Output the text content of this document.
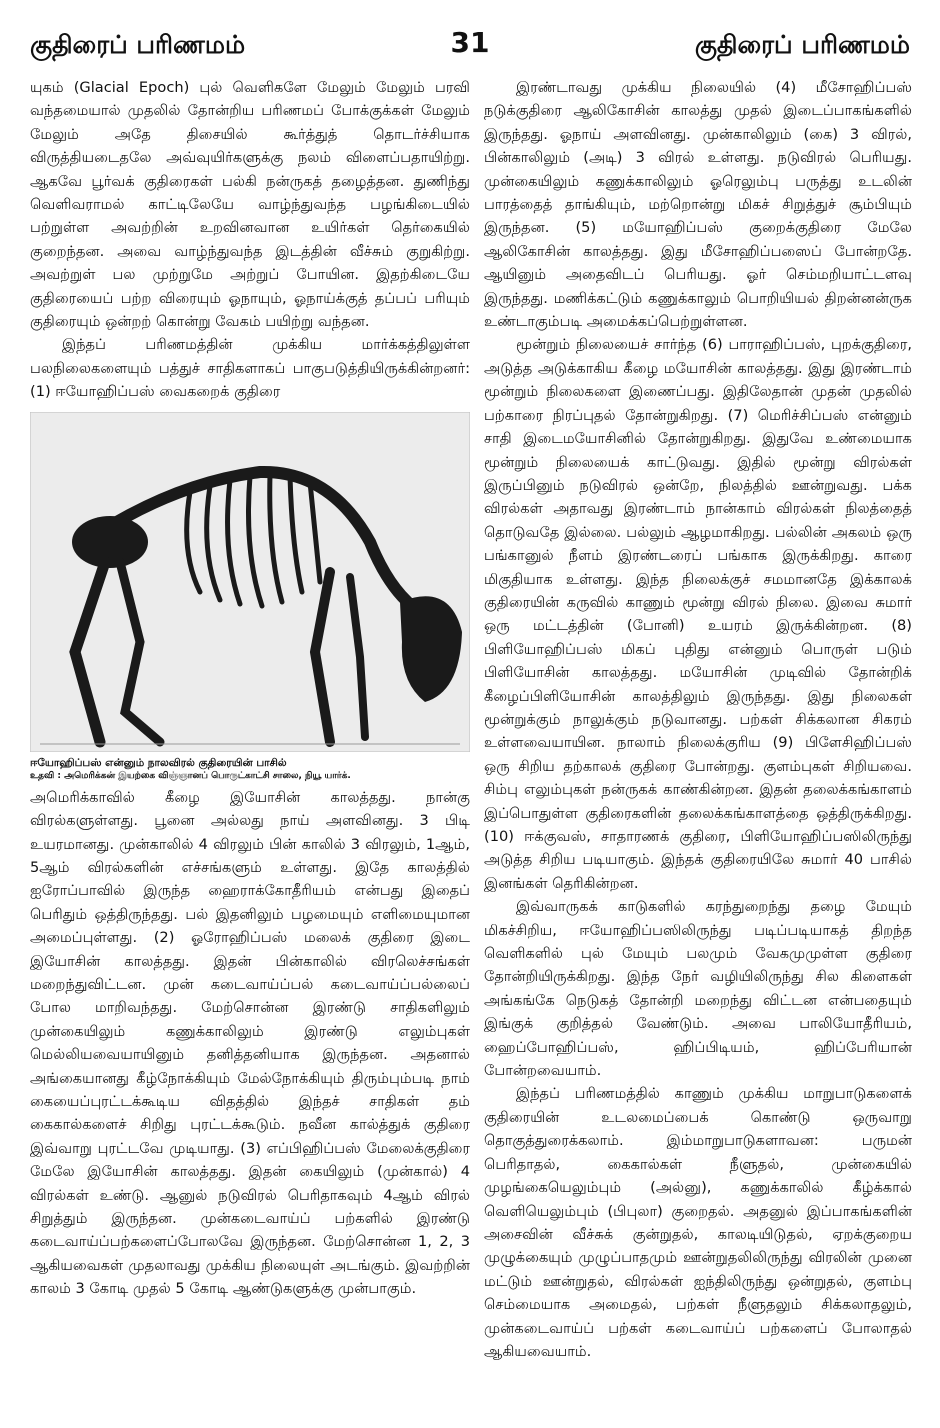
குதிரைப் பரிணமம்	31	குதிரைப் பரிணமம்

யுகம் (Glacial Epoch) புல் வெளிகளே மேலும் மேலும் பரவி வந்தமையால் முதலில் தோன்றிய பரிணமப் போக்குக்கள் மேலும் மேலும் அதே திசையில் கூர்த்துத் தொடர்ச்சியாக விருத்தியடைதலே அவ்வுயிர்களுக்கு நலம் விளைப்பதாயிற்று. ஆகவே பூர்வக் குதிரைகள் பல்கி நன்ருகத் தழைத்தன. துணிந்து வெளிவராமல் காட்டிலேயே வாழ்ந்துவந்த பழங்கிடையில் பற்றுள்ள அவற்றின் உறவினவான உயிர்கள் தெர்கையில் குறைந்தன. அவை வாழ்ந்துவந்த இடத்தின் வீச்சும் குறுகிற்று. அவற்றுள் பல முற்றுமே அற்றுப் போயின. இதற்கிடையே குதிரையைப் பற்ற விரையும் ஓநாயும், ஓநாய்க்குத் தப்பப் பரியும் குதிரையும் ஒன்றற் கொன்று வேகம் பயிற்று வந்தன.

இந்தப் பரிணமத்தின் முக்கிய மார்க்கத்திலுள்ள பலநிலைகளையும் பத்துச் சாதிகளாகப் பாகுபடுத்தியிருக்கின்றனர்: (1) ஈயோஹிப்பஸ் வைகறைக் குதிரை

ஈயோஹிப்பஸ் என்னும் நாலவிரல் குதிரையின் பாசில்
உதவி : அமெரிக்கன் இயற்கை விஞ்ஞானப் பொருட்காட்சி சாலை, நியூ யார்க்.

அமெரிக்காவில் கீழை இயோசின் காலத்தது. நான்கு விரல்களுள்ளது. பூனை அல்லது நாய் அளவினது. 3 பிடி உயரமானது. முன்காலில் 4 விரலும் பின் காலில் 3 விரலும், 1ஆம், 5ஆம் விரல்களின் எச்சங்களும் உள்ளது. இதே காலத்தில் ஐரோப்பாவில் இருந்த ஹைராக்கோதீரியம் என்பது இதைப் பெரிதும் ஒத்திருந்தது. பல் இதனிலும் பழமையும் எளிமையுமான அமைப்புள்ளது. (2) ஓரோஹிப்பஸ் மலைக் குதிரை இடை இயோசின் காலத்தது. இதன் பின்காலில் விரலெச்சங்கள் மறைந்துவிட்டன. முன் கடைவாய்ப்பல் கடைவாய்ப்பல்லைப் போல மாறிவந்தது. மேற்சொன்ன இரண்டு சாதிகளிலும் முன்கையிலும் கணுக்காலிலும் இரண்டு எலும்புகள் மெல்லியவையாயினும் தனித்தனியாக இருந்தன. அதனால் அங்கையானது கீழ்நோக்கியும் மேல்நோக்கியும் திரும்பும்படி நாம் கையைப்புரட்டக்கூடிய விதத்தில் இந்தச் சாதிகள் தம் கைகால்களைச் சிறிது புரட்டக்கூடும். நவீன கால்த்துக் குதிரை இவ்வாறு புரட்டவே முடியாது. (3) எப்பிஹிப்பஸ் மேலைக்குதிரை மேலே இயோசின் காலத்தது. இதன் கையிலும் (முன்கால்) 4 விரல்கள் உண்டு. ஆனுல் நடுவிரல் பெரிதாகவும் 4ஆம் விரல் சிறுத்தும் இருந்தன. முன்கடைவாய்ப் பற்களில் இரண்டு கடைவாய்ப்பற்களைப்போலவே இருந்தன. மேற்சொன்ன 1, 2, 3 ஆகியவைகள் முதலாவது முக்கிய நிலையுள் அடங்கும். இவற்றின் காலம் 3 கோடி முதல் 5 கோடி ஆண்டுகளுக்கு முன்பாகும்.

இரண்டாவது முக்கிய நிலையில் (4) மீசோஹிப்பஸ் நடுக்குதிரை ஆலிகோசின் காலத்து முதல் இடைப்பாகங்களில் இருந்தது. ஓநாய் அளவினது. முன்காலிலும் (கை) 3 விரல், பின்காலிலும் (அடி) 3 விரல் உள்ளது. நடுவிரல் பெரியது. முன்கையிலும் கணுக்காலிலும் ஓரெலும்பு பருத்து உடலின் பாரத்தைத் தாங்கியும், மற்றொன்று மிகச் சிறுத்துச் சூம்பியும் இருந்தன. (5) மயோஹிப்பஸ் குறைக்குதிரை மேலே ஆலிகோசின் காலத்தது. இது மீசோஹிப்பஸைப் போன்றதே. ஆயினும் அதைவிடப் பெரியது. ஓர் செம்மறியாட்டளவு இருந்தது. மணிக்கட்டும் கணுக்காலும் பொறியியல் திறன்னன்ருக உண்டாகும்படி அமைக்கப்பெற்றுள்ளன.

மூன்றும் நிலையைச் சார்ந்த (6) பாராஹிப்பஸ், புறக்குதிரை, அடுத்த அடுக்காகிய கீழை மயோசின் காலத்தது. இது இரண்டாம் மூன்றும் நிலைகளை இணைப்பது. இதிலேதான் முதன் முதலில் பற்காரை நிரப்புதல் தோன்றுகிறது. (7) மெரிச்சிப்பஸ் என்னும் சாதி இடைமயோசினில் தோன்றுகிறது. இதுவே உண்மையாக மூன்றும் நிலையைக் காட்டுவது. இதில் மூன்று விரல்கள் இருப்பினும் நடுவிரல் ஒன்றே, நிலத்தில் ஊன்றுவது. பக்க விரல்கள் அதாவது இரண்டாம் நான்காம் விரல்கள் நிலத்தைத் தொடுவதே இல்லை. பல்லும் ஆழமாகிறது. பல்லின் அகலம் ஒரு பங்கானுல் நீளம் இரண்டரைப் பங்காக இருக்கிறது. காரை மிகுதியாக உள்ளது. இந்த நிலைக்குச் சமமானதே இக்காலக் குதிரையின் கருவில் காணும் மூன்று விரல் நிலை. இவை சுமார் ஒரு மட்டத்தின் (போனி) உயரம் இருக்கின்றன. (8) பிளியோஹிப்பஸ் மிகப் புதிது என்னும் பொருள் படும் பிளியோசின் காலத்தது. மயோசின் முடிவில் தோன்றிக் கீழைப்பிளியோசின் காலத்திலும் இருந்தது. இது நிலைகள் மூன்றுக்கும் நாலுக்கும் நடுவானது. பற்கள் சிக்கலான சிகரம் உள்ளவையாயின. நாலாம் நிலைக்குரிய (9) பிளேசிஹிப்பஸ் ஒரு சிறிய தற்காலக் குதிரை போன்றது. குளம்புகள் சிறியவை. சிம்பு எலும்புகள் நன்ருகக் காண்கின்றன. இதன் தலைக்கங்காளம் இப்பொதுள்ள குதிரைகளின் தலைக்கங்காளத்தை ஒத்திருக்கிறது. (10) ஈக்குவஸ், சாதாரணக் குதிரை, பிளியோஹிப்பஸிலிருந்து அடுத்த சிறிய படியாகும். இந்தக் குதிரையிலே சுமார் 40 பாசில் இனங்கள் தெரிகின்றன.

இவ்வாருகக் காடுகளில் கரந்துறைந்து தழை மேயும் மிகச்சிறிய, ஈயோஹிப்பஸிலிருந்து படிப்படியாகத் திறந்த வெளிகளில் புல் மேயும் பலமும் வேகமுமுள்ள குதிரை தோன்றியிருக்கிறது. இந்த நேர் வழியிலிருந்து சில கிளைகள் அங்கங்கே நெடுகத் தோன்றி மறைந்து விட்டன என்பதையும் இங்குக் குறித்தல் வேண்டும். அவை பாலியோதீரியம், ஹைப்போஹிப்பஸ், ஹிப்பிடியம், ஹிப்பேரியான் போன்றவையாம்.

இந்தப் பரிணமத்தில் காணும் முக்கிய மாறுபாடுகளைக் குதிரையின் உடலமைப்பைக் கொண்டு ஒருவாறு தொகுத்துரைக்கலாம். இம்மாறுபாடுகளாவன: பருமன் பெரிதாதல், கைகால்கள் நீளுதல், முன்கையில் முழங்கையெலும்பும் (அல்னு), கணுக்காலில் கீழ்க்கால் வெளியெலும்பும் (பிபுலா) குறைதல். அதனுல் இப்பாகங்களின் அசைவின் வீச்சுக் குன்றுதல், காலடியிடுதல், ஏறக்குறைய முழுக்கையும் முழுப்பாதமும் ஊன்றுதலிலிருந்து விரலின் முனை மட்டும் ஊன்றுதல், விரல்கள் ஐந்திலிருந்து ஒன்றுதல், குளம்பு செம்மையாக அமைதல், பற்கள் நீளுதலும் சிக்கலாதலும், முன்கடைவாய்ப் பற்கள் கடைவாய்ப் பற்களைப் போலாதல் ஆகியவையாம்.
